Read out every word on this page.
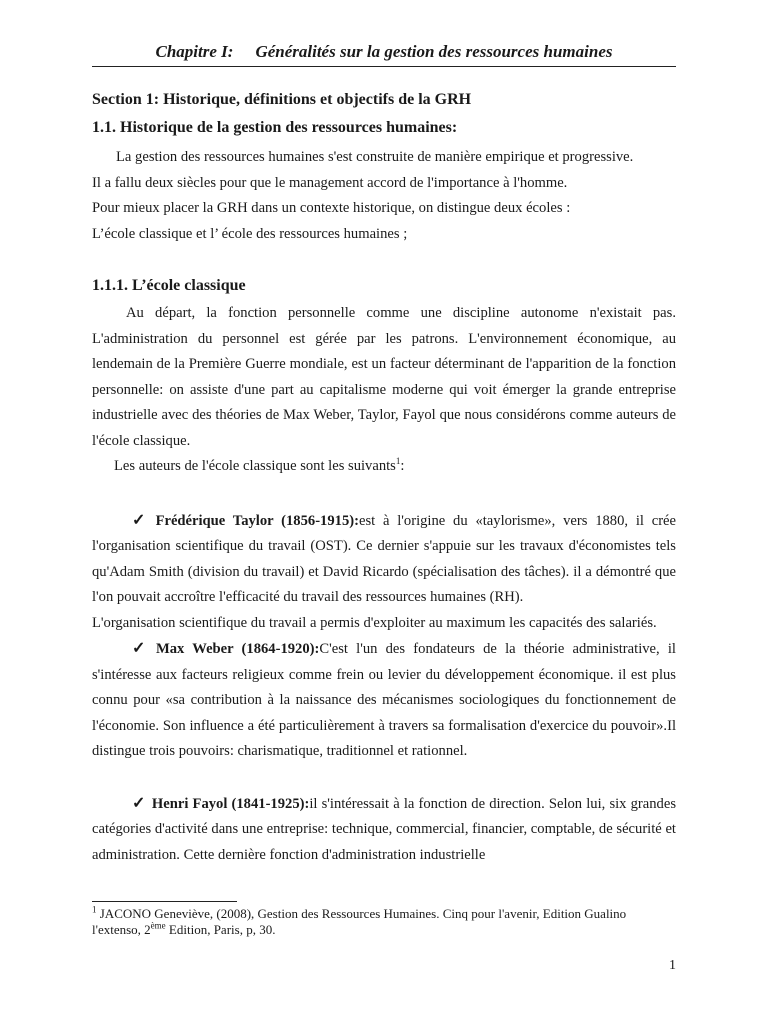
Chapitre I: Généralités sur la gestion des ressources humaines
Section 1: Historique, définitions et objectifs de la GRH
1.1. Historique de la gestion des ressources humaines:

La gestion des ressources humaines s'est construite de manière empirique et progressive.

Il a fallu deux siècles pour que le management accord de l'importance à l'homme.

Pour mieux placer la GRH dans un contexte historique, on distingue deux écoles :

L’école classique et l’ école des ressources humaines ;

1.1.1. L’école classique

Au départ, la fonction personnelle comme une discipline autonome n'existait pas. L'administration du personnel est gérée par les patrons. L'environnement économique, au lendemain de la Première Guerre mondiale, est un facteur déterminant de l'apparition de la fonction personnelle: on assiste d'une part au capitalisme moderne qui voit émerger la grande entreprise industrielle avec des théories de Max Weber, Taylor, Fayol que nous considérons comme auteurs de l'école classique.

Les auteurs de l'école classique sont les suivants$^1$:

✓ Frédérique Taylor (1856-1915):est à l'origine du «taylorisme», vers 1880, il crée l'organisation scientifique du travail (OST). Ce dernier s'appuie sur les travaux d'économistes tels qu'Adam Smith (division du travail) et David Ricardo (spécialisation des tâches). il a démontré que l'on pouvait accroître l'efficacité du travail des ressources humaines (RH).

L'organisation scientifique du travail a permis d'exploiter au maximum les capacités des salariés.

✓ Max Weber (1864-1920):C'est l'un des fondateurs de la théorie administrative, il s'intéresse aux facteurs religieux comme frein ou levier du développement économique. il est plus connu pour «sa contribution à la naissance des mécanismes sociologiques du fonctionnement de l'économie. Son influence a été particulièrement à travers sa formalisation d'exercice du pouvoir».Il distingue trois pouvoirs: charismatique, traditionnel et rationnel.

✓ Henri Fayol (1841-1925):il s'intéressait à la fonction de direction. Selon lui, six grandes catégories d'activité dans une entreprise: technique, commercial, financier, comptable, de sécurité et administration. Cette dernière fonction d'administration industrielle

$^1$ JACONO Geneviève, (2008), Gestion des Ressources Humaines. Cinq pour l'avenir, Edition Gualino l'extenso, 2ème Edition, Paris, p, 30.
1
